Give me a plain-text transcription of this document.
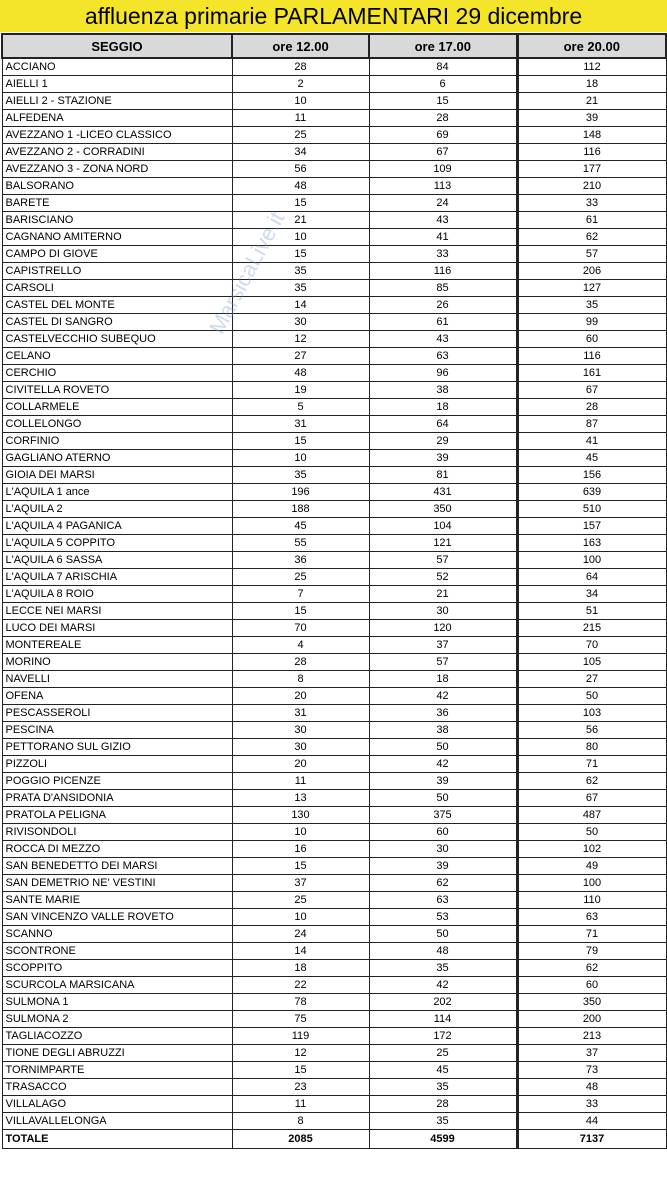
affluenza primarie PARLAMENTARI 29 dicembre
SEGGIO	ore 12.00	ore 17.00	ore 20.00
ACCIANO	28	84	112
AIELLI 1	2	6	18
AIELLI 2 - STAZIONE	10	15	21
ALFEDENA	11	28	39
AVEZZANO 1 -LICEO CLASSICO	25	69	148
AVEZZANO 2 - CORRADINI	34	67	116
AVEZZANO 3 - ZONA NORD	56	109	177
BALSORANO	48	113	210
BARETE	15	24	33
BARISCIANO	21	43	61
CAGNANO AMITERNO	10	41	62
CAMPO DI GIOVE	15	33	57
CAPISTRELLO	35	116	206
CARSOLI	35	85	127
CASTEL DEL MONTE	14	26	35
CASTEL DI SANGRO	30	61	99
CASTELVECCHIO SUBEQUO	12	43	60
CELANO	27	63	116
CERCHIO	48	96	161
CIVITELLA ROVETO	19	38	67
COLLARMELE	5	18	28
COLLELONGO	31	64	87
CORFINIO	15	29	41
GAGLIANO ATERNO	10	39	45
GIOIA DEI MARSI	35	81	156
L'AQUILA 1 ance	196	431	639
L'AQUILA 2	188	350	510
L'AQUILA 4 PAGANICA	45	104	157
L'AQUILA 5 COPPITO	55	121	163
L'AQUILA 6 SASSA	36	57	100
L'AQUILA 7 ARISCHIA	25	52	64
L'AQUILA 8 ROIO	7	21	34
LECCE NEI MARSI	15	30	51
LUCO DEI MARSI	70	120	215
MONTEREALE	4	37	70
MORINO	28	57	105
NAVELLI	8	18	27
OFENA	20	42	50
PESCASSEROLI	31	36	103
PESCINA	30	38	56
PETTORANO SUL GIZIO	30	50	80
PIZZOLI	20	42	71
POGGIO PICENZE	11	39	62
PRATA D'ANSIDONIA	13	50	67
PRATOLA PELIGNA	130	375	487
RIVISONDOLI	10	60	50
ROCCA DI MEZZO	16	30	102
SAN BENEDETTO DEI MARSI	15	39	49
SAN DEMETRIO NE' VESTINI	37	62	100
SANTE MARIE	25	63	110
SAN VINCENZO VALLE ROVETO	10	53	63
SCANNO	24	50	71
SCONTRONE	14	48	79
SCOPPITO	18	35	62
SCURCOLA MARSICANA	22	42	60
SULMONA 1	78	202	350
SULMONA 2	75	114	200
TAGLIACOZZO	119	172	213
TIONE DEGLI ABRUZZI	12	25	37
TORNIMPARTE	15	45	73
TRASACCO	23	35	48
VILLALAGO	11	28	33
VILLAVALLELONGA	8	35	44
TOTALE	2085	4599	7137
MarsicaLive.it
